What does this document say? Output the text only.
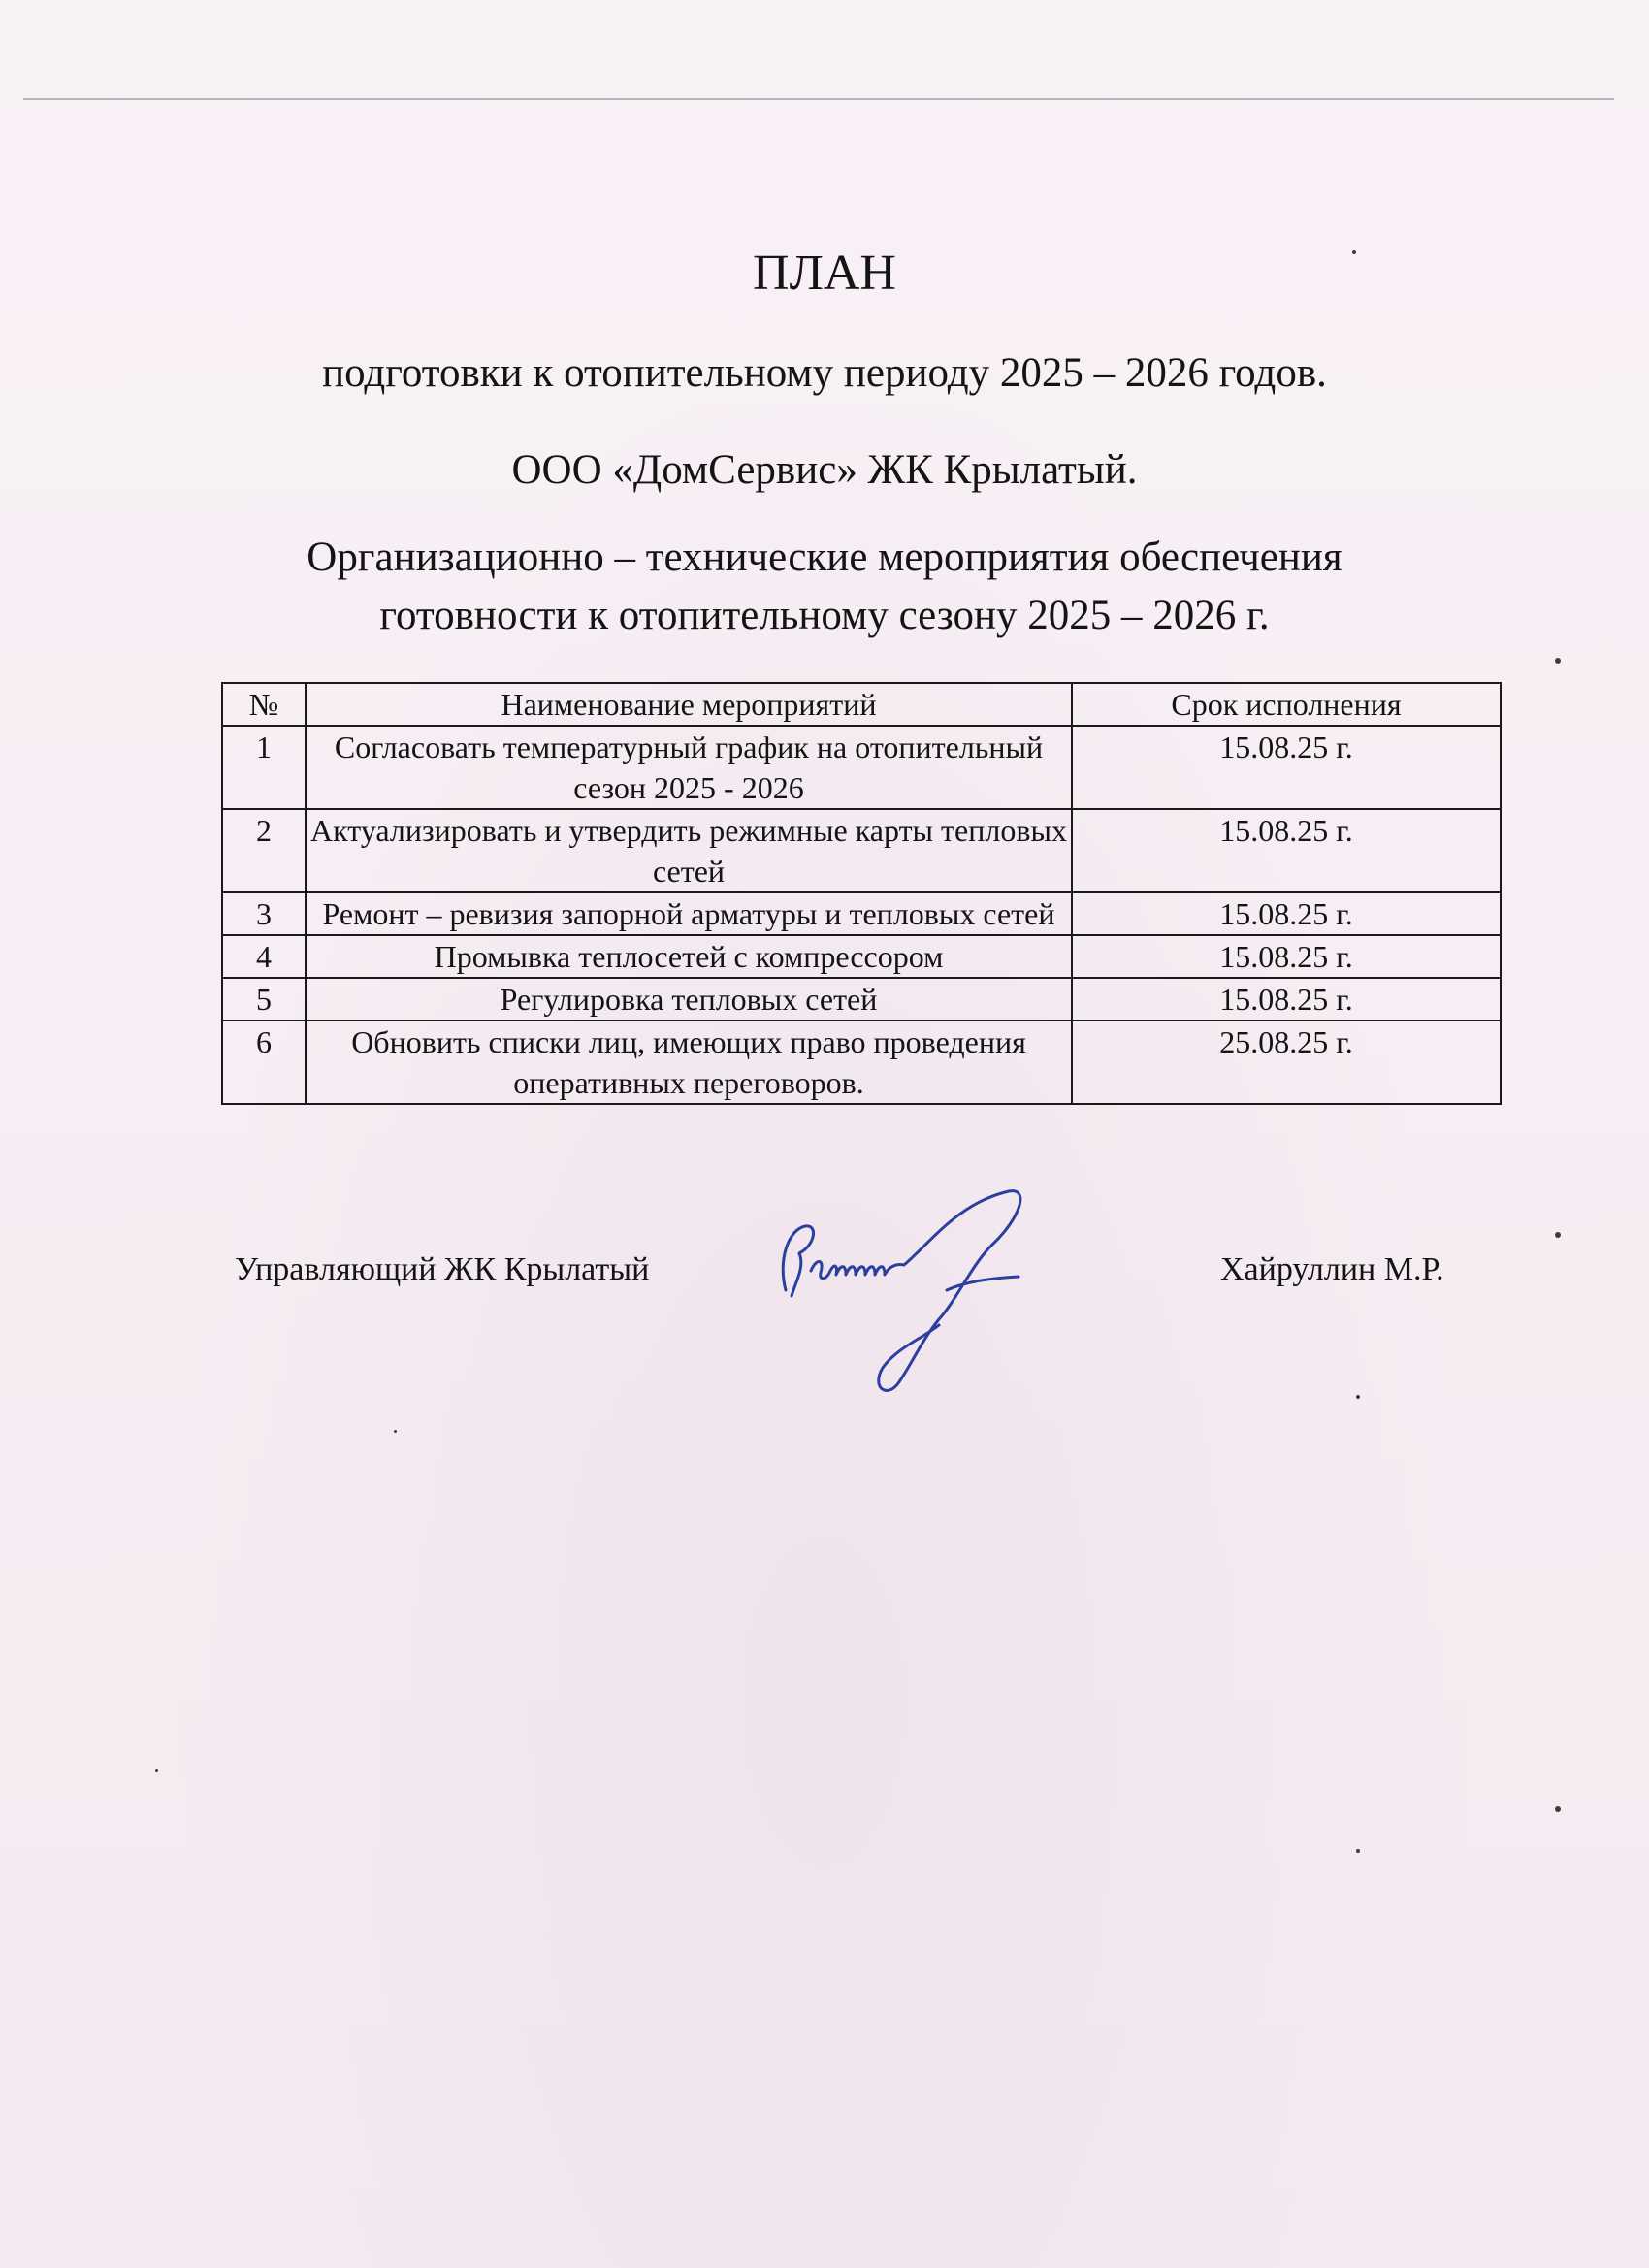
ПЛАН
подготовки к отопительному периоду 2025 – 2026 годов.
ООО «ДомСервис» ЖК Крылатый.
Организационно – технические мероприятия обеспечения
готовности к отопительному сезону 2025 – 2026 г.
№	Наименование мероприятий	Срок исполнения
1	Согласовать температурный график на отопительный сезон 2025 - 2026	15.08.25 г.
2	Актуализировать и утвердить режимные карты тепловых сетей	15.08.25 г.
3	Ремонт – ревизия запорной арматуры и тепловых сетей	15.08.25 г.
4	Промывка теплосетей с компрессором	15.08.25 г.
5	Регулировка тепловых сетей	15.08.25 г.
6	Обновить списки лиц, имеющих право проведения оперативных переговоров.	25.08.25 г.
Управляющий ЖК Крылатый	Хайруллин М.Р.
